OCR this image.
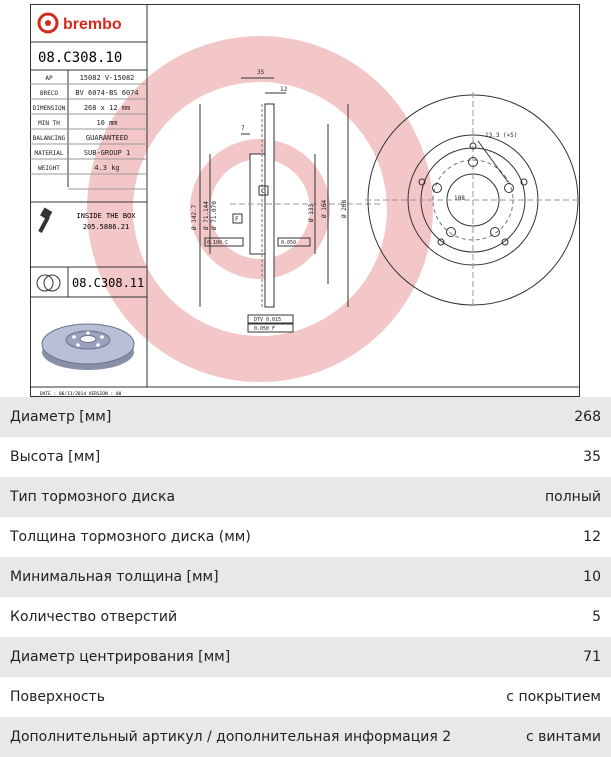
brembo
08.C308.10
AP	15082 V-15082
BRECO BV 6074-BS 6074
DIMENSION	268 x 12 mm
MIN TH	10 mm
BALANCING	GUARANTEED
MATERIAL	SUB-GROUP 1
WEIGHT	4.3 kg
INSIDE THE BOX
205.5886.21
08.C308.11
DATE : 06/11/2014 VERSION : 00
35
12
7
Ø 142.7 Ø 71.144 Ø 71.070	Ø 133 Ø 164 Ø 268
C
F
0.100 C	0.050
DTV 0.015
0.050 F
13.3 (×5)
108
Диаметр [мм]	268
Высота [мм]	35
Тип тормозного диска	полный
Толщина тормозного диска (мм)	12
Минимальная толщина [мм]	10
Количество отверстий	5
Диаметр центрирования [мм]	71
Поверхность	с покрытием
Дополнительный артикул / дополнительная информация 2	с винтами
